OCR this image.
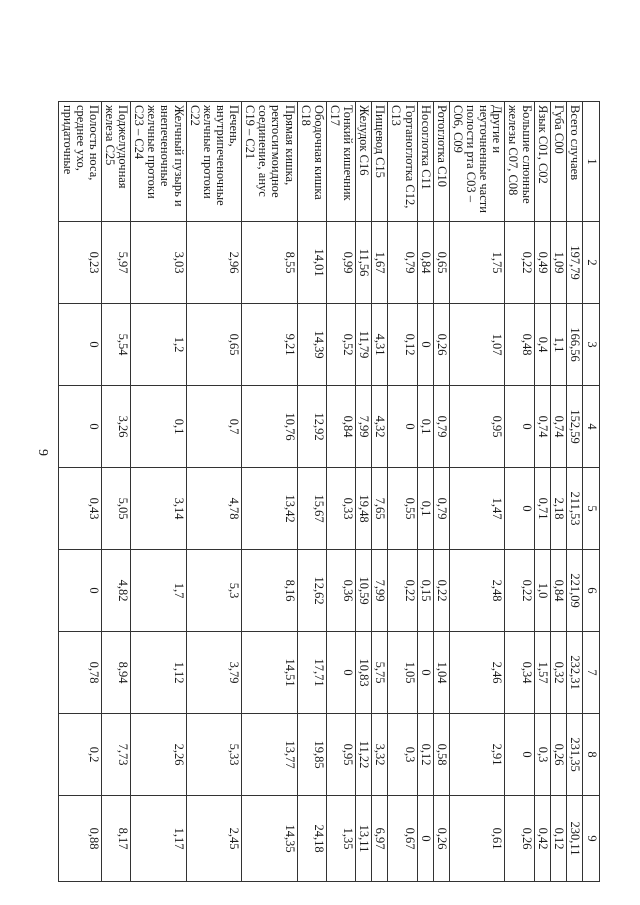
9
1	2	3	4	5	6	7	8	9
Всего случаев	197,79	166,56	152,59	211,53	221,09	232,31	231,35	230,11
Губа С00	1,09	1,1	0,74	2,18	0,84	0,32	0,26	0,12
Язык С01, С02	0,49	0,4	0,74	0,71	1,0	1,57	0,3	0,42
Большие слюнные железы С07, С08	0,22	0,48	0	0	0,22	0,34	0	0,26
Другие и неуточненные части полости рта С03 – С06, С09	1,75	1,07	0,95	1,47	2,48	2,46	2,91	0,61
Ротоглотка С10	0,65	0,26	0,79	0,79	0,22	1,04	0,58	0,26
Носоглотка С11	0,84	0	0,1	0,1	0,15	0	0,12	0
Гортаноглотка С12, С13	0,79	0,12	0	0,55	0,22	1,05	0,3	0,67
Пищевод С15	1,67	4,31	4,32	7,65	7,99	5,75	3,32	6,97
Желудок С16	11,56	11,79	7,99	19,48	10,59	10,83	11,22	13,11
Тонкий кишечник С17	0,99	0,52	0,84	0,33	0,36	0	0,95	1,35
Ободочная кишка С18	14,01	14,39	12,92	15,67	12,62	17,71	19,85	24,18
Прямая кишка, ректосигмоидное соединение, анус С19 – С21	8,55	9,21	10,76	13,42	8,16	14,51	13,77	14,35
Печень, внутрипеченочные желчные протоки С22	2,96	0,65	0,7	4,78	5,3	3,79	5,33	2,45
Желчный пузырь и внепеченочные желчные протоки С23 – С24	3,03	1,2	0,1	3,14	1,7	1,12	2,26	1,17
Поджелудочная железа С25	5,97	5,54	3,26	5,05	4,82	8,94	7,73	8,17
Полость носа, среднее ухо, придаточные	0,23	0	0	0,43	0	0,78	0,2	0,88
